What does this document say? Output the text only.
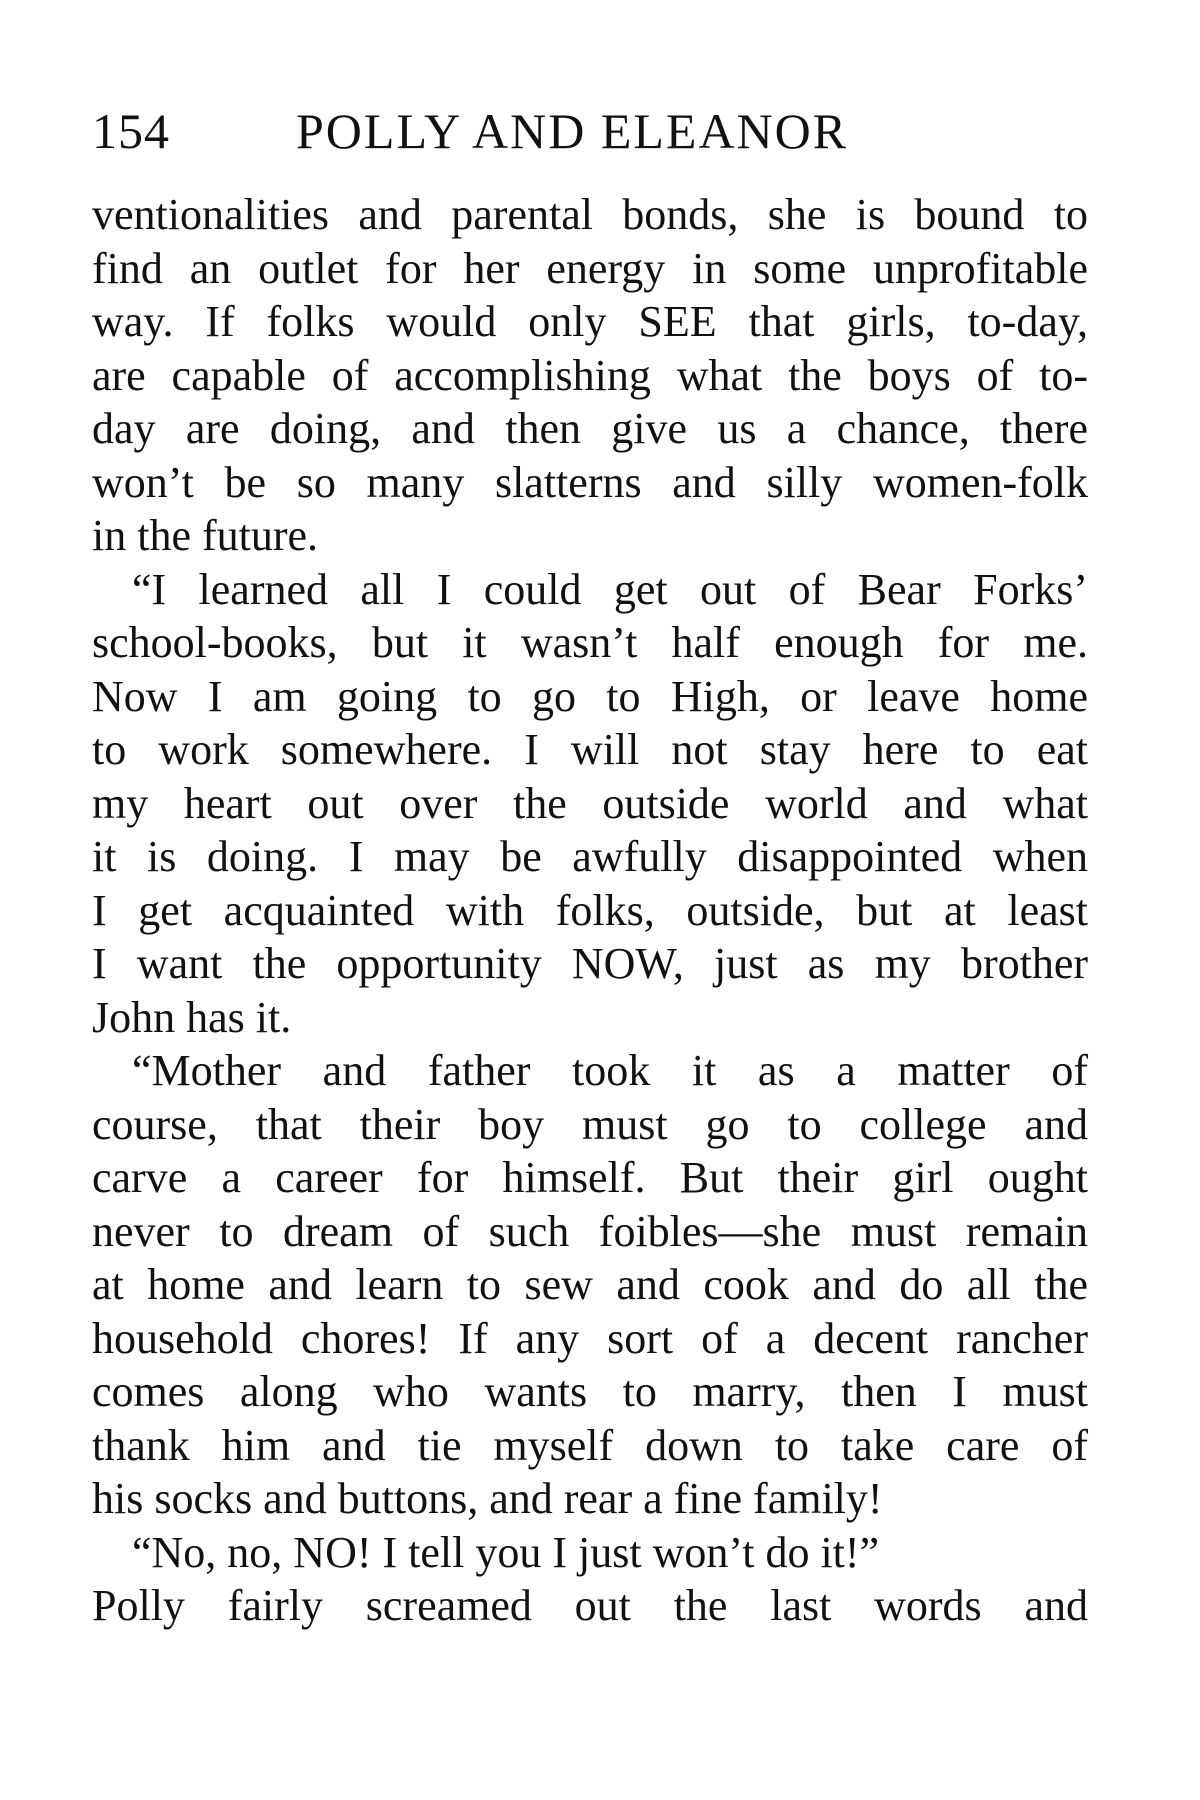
154	POLLY AND ELEANOR
ventionalities and parental bonds, she is bound to
find an outlet for her energy in some unprofitable
way. If folks would only SEE that girls, to-day,
are capable of accomplishing what the boys of to-
day are doing, and then give us a chance, there
won’t be so many slatterns and silly women-folk
in the future.
“I learned all I could get out of Bear Forks’
school-books, but it wasn’t half enough for me.
Now I am going to go to High, or leave home
to work somewhere. I will not stay here to eat
my heart out over the outside world and what
it is doing. I may be awfully disappointed when
I get acquainted with folks, outside, but at least
I want the opportunity NOW, just as my brother
John has it.
“Mother and father took it as a matter of
course, that their boy must go to college and
carve a career for himself. But their girl ought
never to dream of such foibles—she must remain
at home and learn to sew and cook and do all the
household chores! If any sort of a decent rancher
comes along who wants to marry, then I must
thank him and tie myself down to take care of
his socks and buttons, and rear a fine family!
“No, no, NO! I tell you I just won’t do it!”
Polly fairly screamed out the last words and
